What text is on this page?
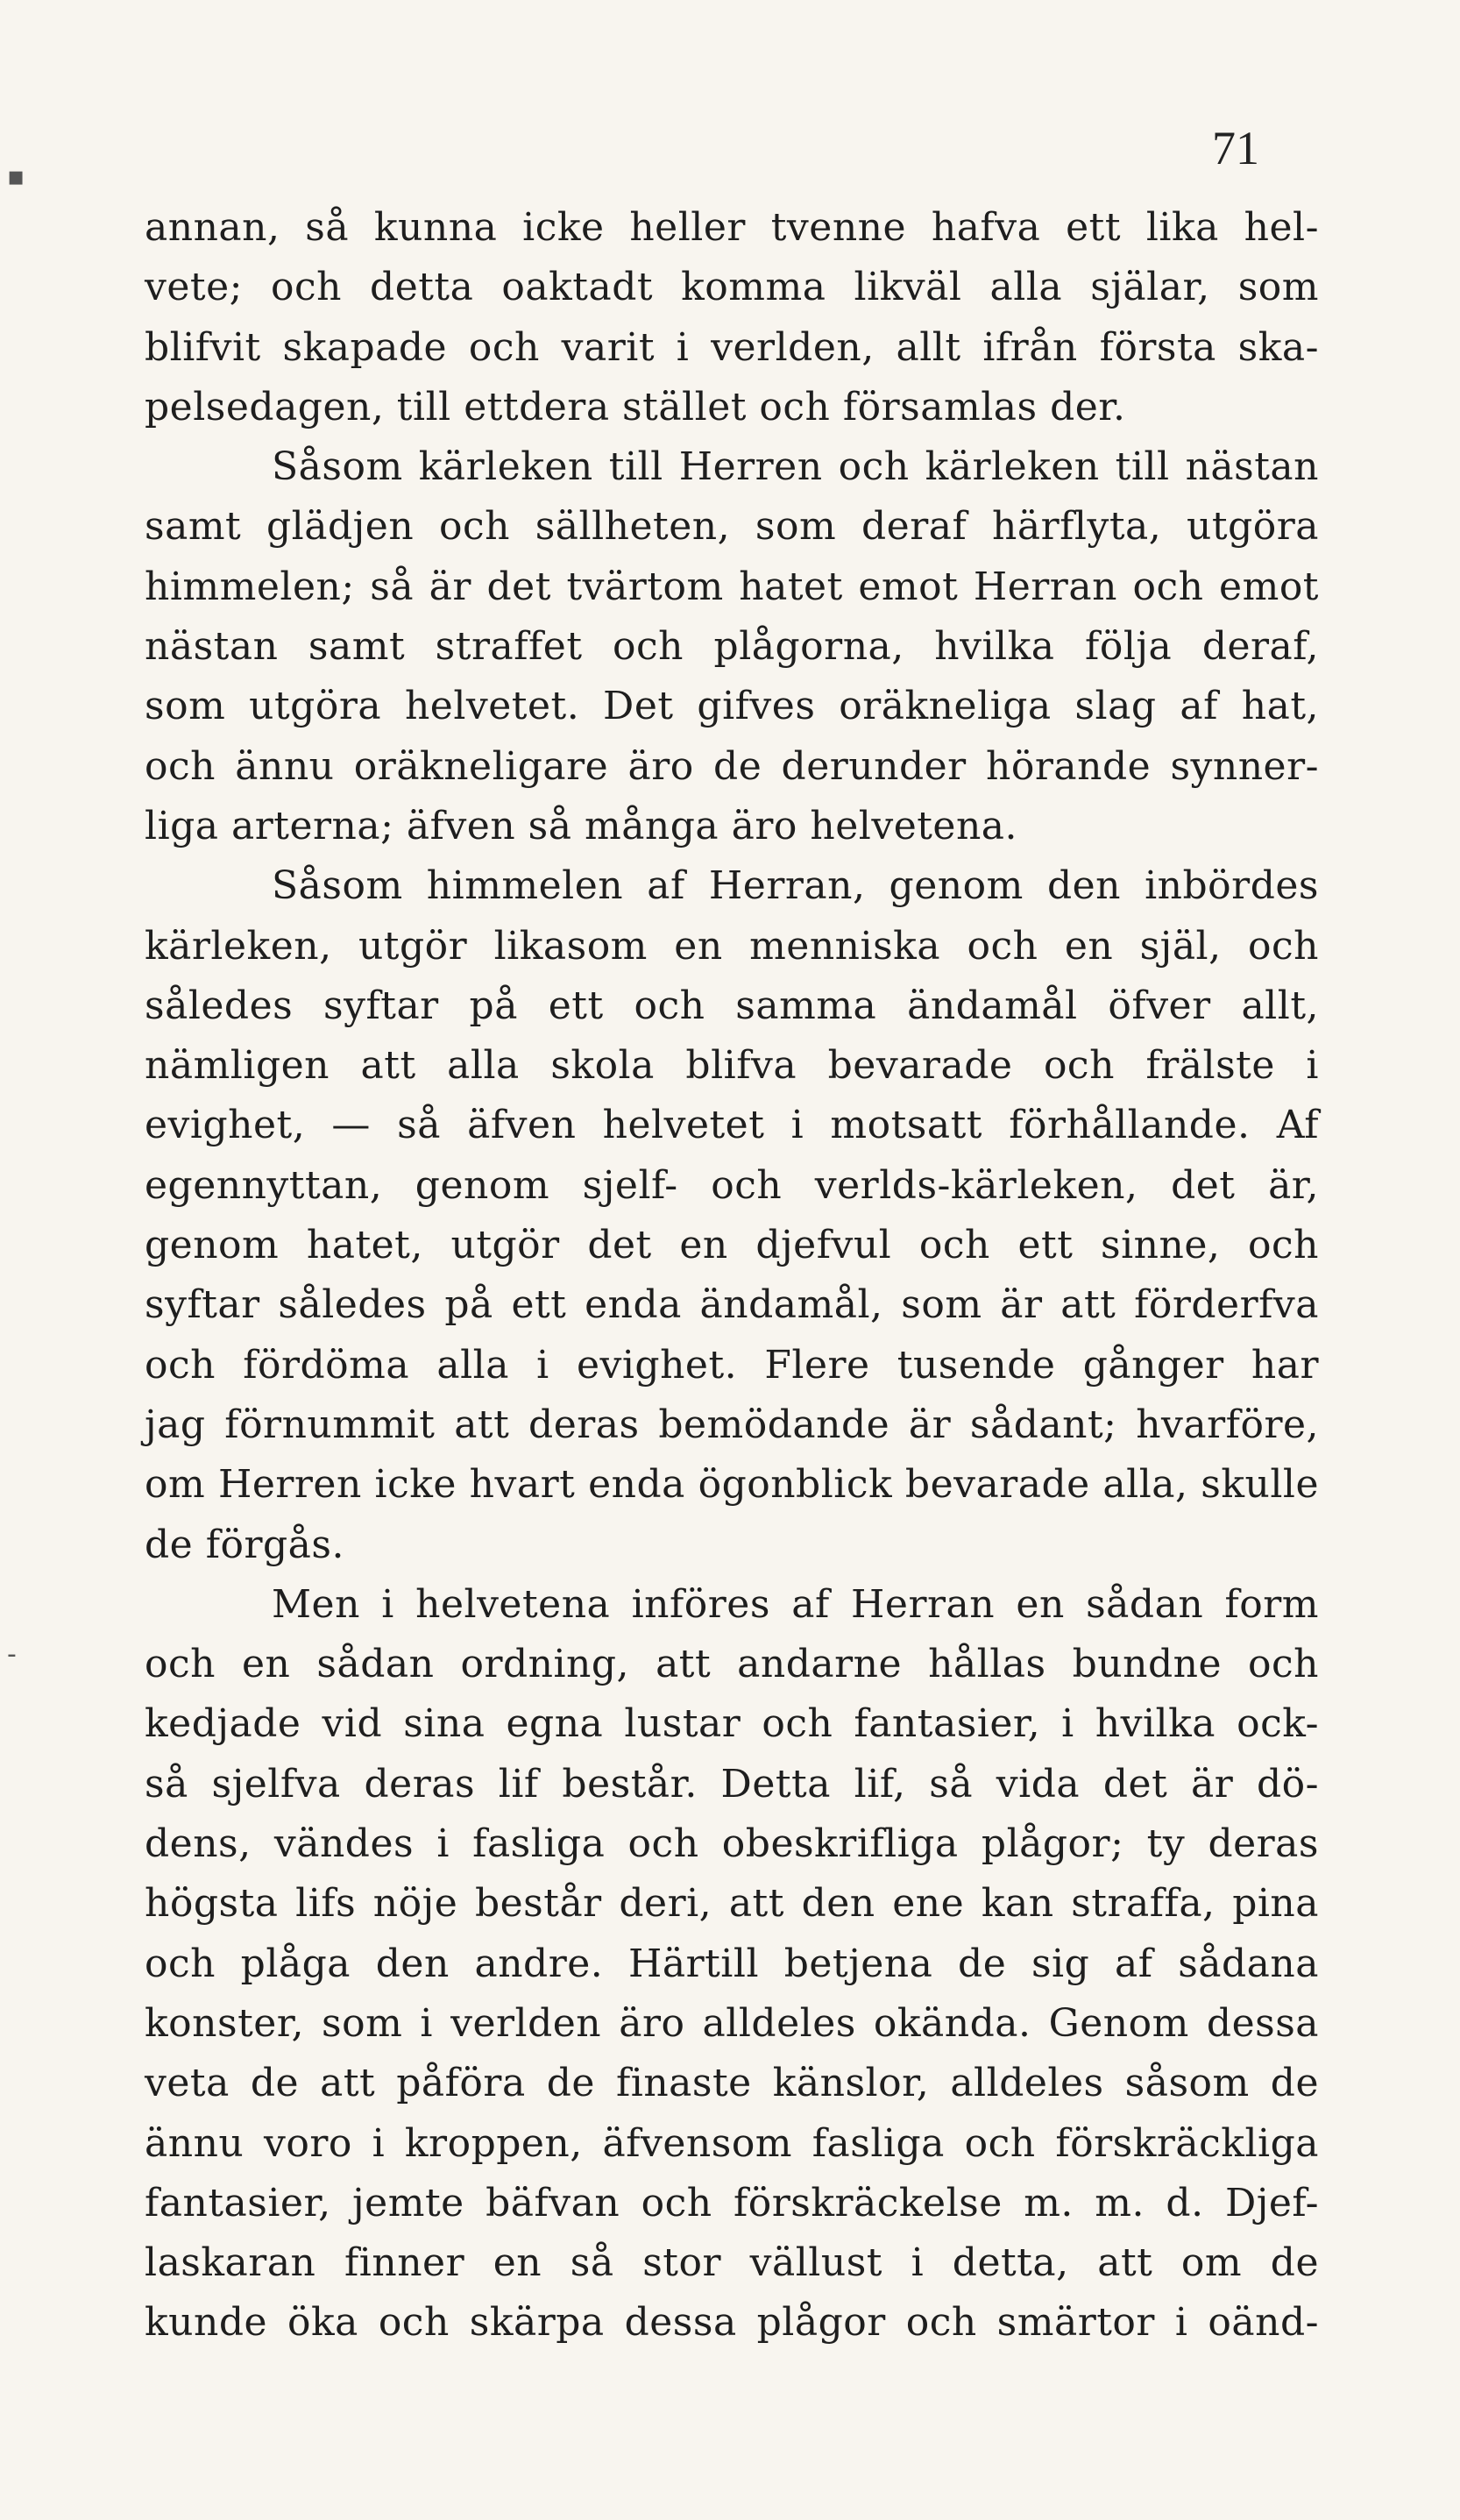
71
annan, så kunna icke heller tvenne hafva ett lika hel-
vete; och detta oaktadt komma likväl alla själar, som
blifvit skapade och varit i verlden, allt ifrån första ska-
pelsedagen, till ettdera stället och församlas der.
Såsom kärleken till Herren och kärleken till nästan
samt glädjen och sällheten, som deraf härflyta, utgöra
himmelen; så är det tvärtom hatet emot Herran och emot
nästan samt straffet och plågorna, hvilka följa deraf,
som utgöra helvetet. Det gifves oräkneliga slag af hat,
och ännu oräkneligare äro de derunder hörande synner-
liga arterna; äfven så många äro helvetena.
Såsom himmelen af Herran, genom den inbördes
kärleken, utgör likasom en menniska och en själ, och
således syftar på ett och samma ändamål öfver allt,
nämligen att alla skola blifva bevarade och frälste i
evighet, — så äfven helvetet i motsatt förhållande. Af
egennyttan, genom sjelf- och verlds-kärleken, det är,
genom hatet, utgör det en djefvul och ett sinne, och
syftar således på ett enda ändamål, som är att förderfva
och fördöma alla i evighet. Flere tusende gånger har
jag förnummit att deras bemödande är sådant; hvarföre,
om Herren icke hvart enda ögonblick bevarade alla, skulle
de förgås.
Men i helvetena införes af Herran en sådan form
och en sådan ordning, att andarne hållas bundne och
kedjade vid sina egna lustar och fantasier, i hvilka ock-
så sjelfva deras lif består. Detta lif, så vida det är dö-
dens, vändes i fasliga och obeskrifliga plågor; ty deras
högsta lifs nöje består deri, att den ene kan straffa, pina
och plåga den andre. Härtill betjena de sig af sådana
konster, som i verlden äro alldeles okända. Genom dessa
veta de att påföra de finaste känslor, alldeles såsom de
ännu voro i kroppen, äfvensom fasliga och förskräckliga
fantasier, jemte bäfvan och förskräckelse m. m. d. Djef-
laskaran finner en så stor vällust i detta, att om de
kunde öka och skärpa dessa plågor och smärtor i oänd-
▪
-
